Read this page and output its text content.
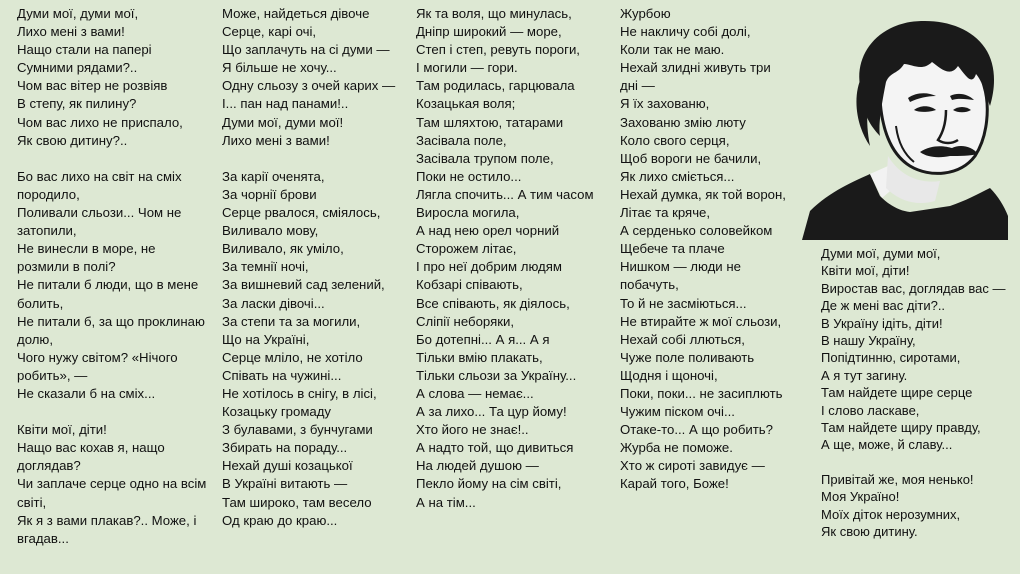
Думи мої, думи мої,
Лихо мені з вами!
Нащо стали на папері
Сумними рядами?..
Чом вас вітер не розвіяв
В степу, як пилину?
Чом вас лихо не приспало,
Як свою дитину?..
Бо вас лихо на світ на сміх
породило,
Поливали сльози... Чом не
затопили,
Не винесли в море, не
розмили в полі?
Не питали б люди, що в мене
болить,
Не питали б, за що проклинаю
долю,
Чого нужу світом? «Нічого
робить», —
Не сказали б на сміх...
Квіти мої, діти!
Нащо вас кохав я, нащо
доглядав?
Чи заплаче серце одно на всім
світі,
Як я з вами плакав?.. Може, і
вгадав...
Може, найдеться дівоче
Серце, карі очі,
Що заплачуть на сі думи —
Я більше не хочу...
Одну сльозу з очей карих —
І... пан над панами!..
Думи мої, думи мої!
Лихо мені з вами!
За карії оченята,
За чорнії брови
Серце рвалося, сміялось,
Виливало мову,
Виливало, як уміло,
За темнії ночі,
За вишневий сад зелений,
За ласки дівочі...
За степи та за могили,
Що на Україні,
Серце мліло, не хотіло
Співать на чужині...
Не хотілось в снігу, в лісі,
Козацьку громаду
З булавами, з бунчугами
Збирать на пораду...
Нехай душі козацької
В Україні витають —
Там широко, там весело
Од краю до краю...
Як та воля, що минулась,
Дніпр широкий — море,
Степ і степ, ревуть пороги,
І могили — гори.
Там родилась, гарцювала
Козацькая воля;
Там шляхтою, татарами
Засівала поле,
Засівала трупом поле,
Поки не остило...
Лягла спочить... А тим часом
Виросла могила,
А над нею орел чорний
Сторожем літає,
І про неї добрим людям
Кобзарі співають,
Все співають, як діялось,
Сліпії неборяки,
Бо дотепні... А я... А я
Тільки вмію плакать,
Тільки сльози за Україну...
А слова — немає...
А за лихо... Та цур йому!
Хто його не знає!..
А надто той, що дивиться
На людей душою —
Пекло йому на сім світі,
А на тім...
Журбою
Не накличу собі долі,
Коли так не маю.
Нехай злидні живуть три
дні —
Я їх захованю,
Захованю змію люту
Коло свого серця,
Щоб вороги не бачили,
Як лихо сміється...
Нехай думка, як той ворон,
Літає та кряче,
А серденько соловейком
Щебече та плаче
Нишком — люди не
побачуть,
То й не засміються...
Не втирайте ж мої сльози,
Нехай собі ллються,
Чуже поле поливають
Щодня і щоночі,
Поки, поки... не засиплють
Чужим піском очі...
Отаке-то... А що робить?
Журба не поможе.
Хто ж сироті завидує —
Карай того, Боже!
Думи мої, думи мої,
Квіти мої, діти!
Виростав вас, доглядав вас —
Де ж мені вас діти?..
В Україну ідіть, діти!
В нашу Україну,
Попідтинню, сиротами,
А я тут загину.
Там найдете щире серце
І слово ласкаве,
Там найдете щиру правду,
А ще, може, й славу...
Привітай же, моя ненько!
Моя Україно!
Моїх діток нерозумних,
Як свою дитину.
